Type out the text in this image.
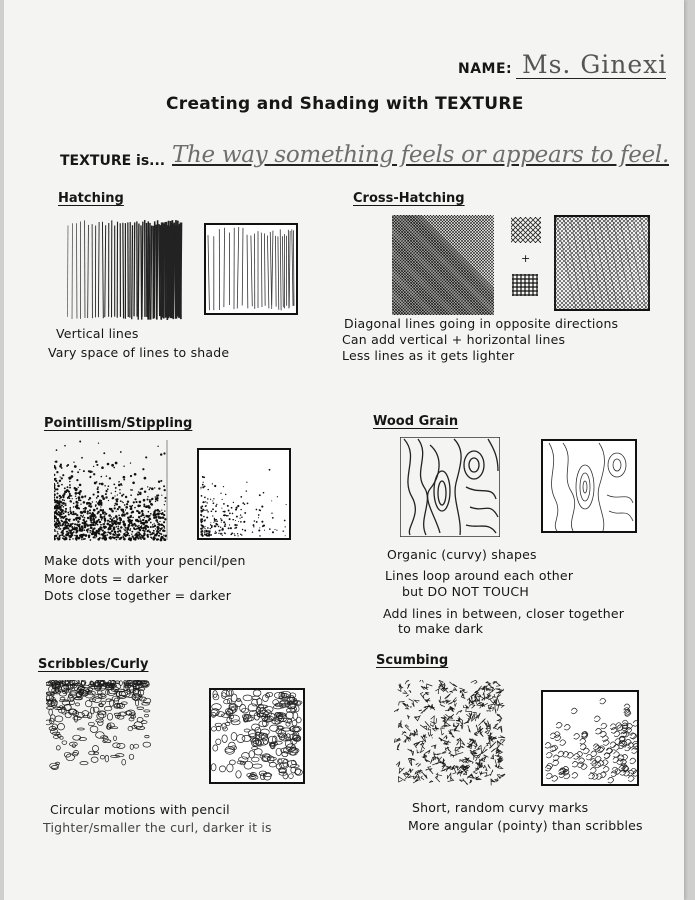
NAME: Ms. Ginexi
Creating and Shading with TEXTURE
TEXTURE is... The way something feels or appears to feel.
Hatching
Vertical lines
Vary space of lines to shade
Cross-Hatching
+
Diagonal lines going in opposite directions
Can add vertical + horizontal lines
Less lines as it gets lighter
Pointillism/Stippling
Make dots with your pencil/pen
More dots = darker
Dots close together = darker
Wood Grain
Organic (curvy) shapes
Lines loop around each other
but DO NOT TOUCH
Add lines in between, closer together
to make dark
Scribbles/Curly
Circular motions with pencil
Tighter/smaller the curl, darker it is
Scumbing
Short, random curvy marks
More angular (pointy) than scribbles
